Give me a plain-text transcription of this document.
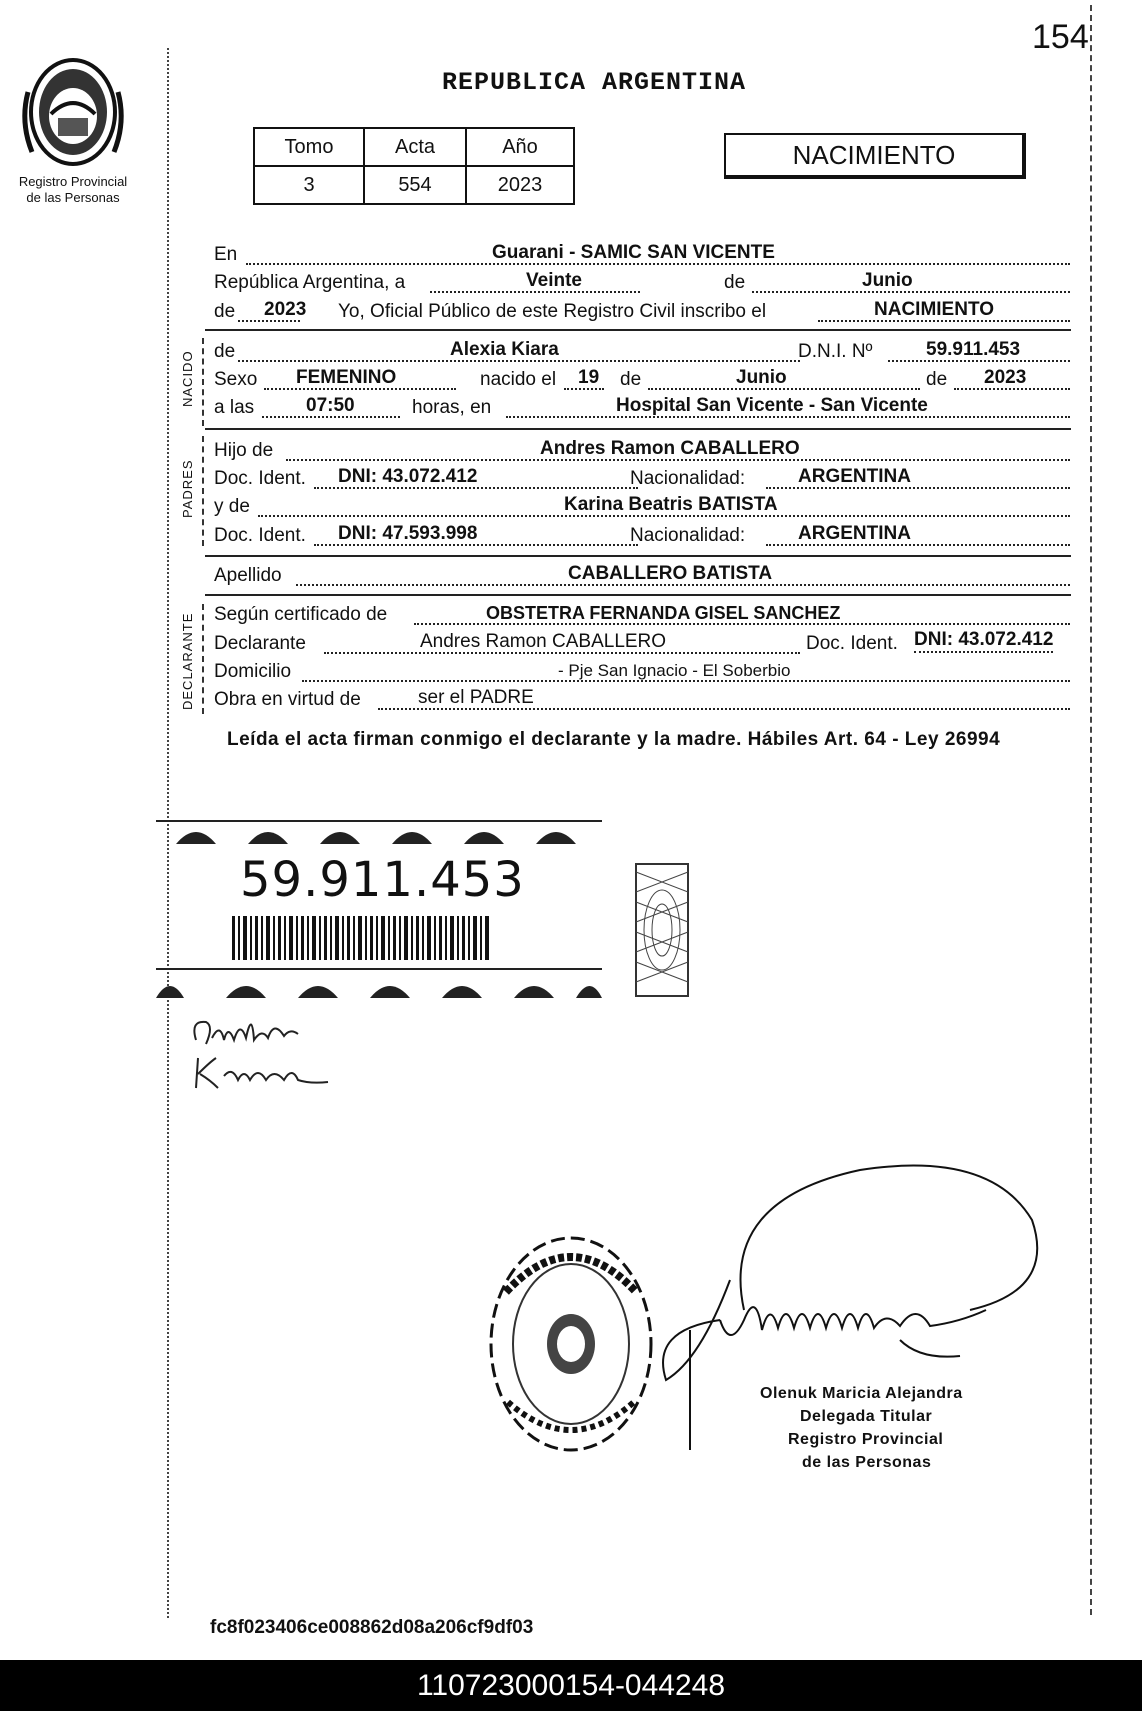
154
Registro Provincial
de las Personas
REPUBLICA ARGENTINA
Tomo	Acta	Año
3	554	2023
NACIMIENTO
En	Guarani - SAMIC SAN VICENTE
República Argentina, a	Veinte	de	Junio
de 2023 Yo, Oficial Público de este Registro Civil inscribo el	NACIMIENTO
NACIDO de	Alexia Kiara	D.N.I. Nº	59.911.453
Sexo FEMENINO	nacido el 19 de	Junio	de 2023
a las	07:50	horas, en	Hospital San Vicente - San Vicente
PADRES
Hijo de	Andres Ramon CABALLERO
Doc. Ident. DNI: 43.072.412	Nacionalidad:	ARGENTINA
y de	Karina Beatris BATISTA
Doc. Ident. DNI: 47.593.998	Nacionalidad:	ARGENTINA
Apellido	CABALLERO BATISTA
DECLARANTE Según certificado de	OBSTETRA FERNANDA GISEL SANCHEZ
Declarante	Andres Ramon CABALLERO	Doc. Ident. DNI: 43.072.412
Domicilio	- Pje San Ignacio - El Soberbio
Obra en virtud de	ser el PADRE
Leída el acta firman conmigo el declarante y la madre. Hábiles Art. 64 - Ley 26994
59.911.453
Olenuk Maricia Alejandra
Delegada Titular
Registro Provincial
de las Personas
fc8f023406ce008862d08a206cf9df03
110723000154-044248
